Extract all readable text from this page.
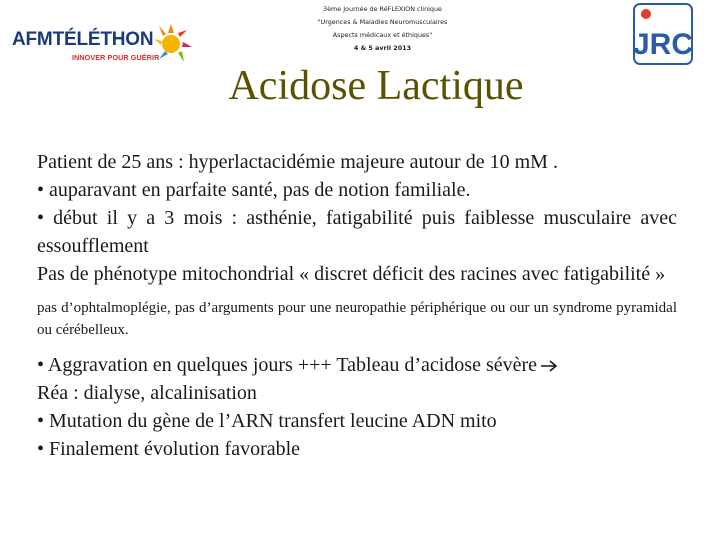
AFMTÉLÉTHON
INNOVER POUR GUÉRIR
3ème Journée de RéFLEXION clinique
"Urgences & Maladies Neuromusculaires
Aspects médicaux et éthiques"
4 & 5 avril 2013	JRC
Acidose Lactique

Patient de 25 ans : hyperlactacidémie majeure autour de 10 mM .

• auparavant en parfaite santé, pas de notion familiale.

• début il y a 3 mois : asthénie, fatigabilité puis faiblesse musculaire avec essoufflement

Pas de phénotype mitochondrial « discret déficit des racines avec fatigabilité »

pas d’ophtalmoplégie, pas d’arguments pour une neuropathie périphérique ou our un syndrome pyramidal ou cérébelleux.

• Aggravation en quelques jours +++ Tableau d’acidose sévère

Réa : dialyse, alcalinisation

• Mutation du gène de l’ARN transfert leucine ADN mito

• Finalement évolution favorable
